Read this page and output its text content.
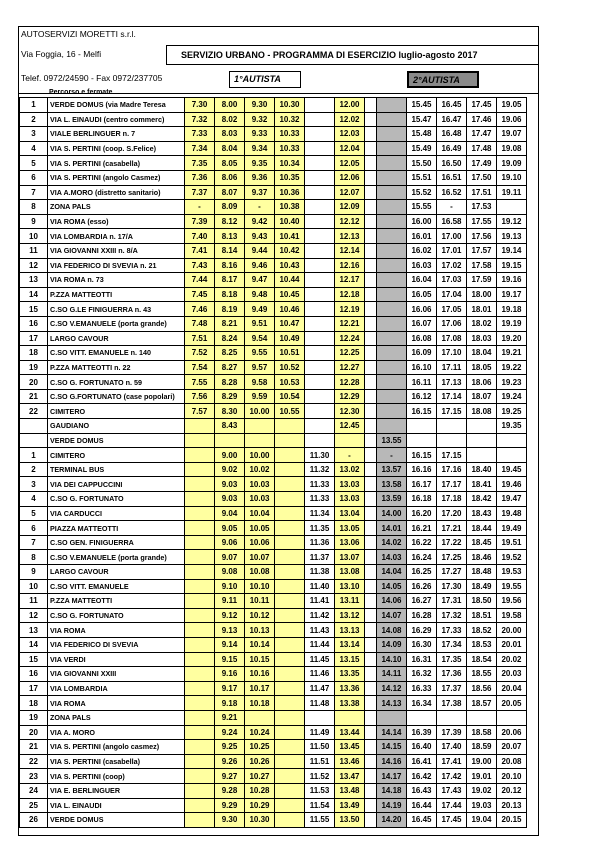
AUTOSERVIZI MORETTI s.r.l.
Via Foggia, 16 - Melfi
Telef. 0972/24590 - Fax 0972/237705
SERVIZIO URBANO - PROGRAMMA DI ESERCIZIO luglio-agosto 2017
1°AUTISTA	2°AUTISTA
Percorso e fermate
1	VERDE DOMUS (via Madre Teresa	7.30	8.00	9.30	10.30		12.00			15.45	16.45	17.45	19.05
2	VIA L. EINAUDI (centro commerc)	7.32	8.02	9.32	10.32		12.02			15.47	16.47	17.46	19.06
3	VIALE BERLINGUER n. 7	7.33	8.03	9.33	10.33		12.03			15.48	16.48	17.47	19.07
4	VIA S. PERTINI (coop. S.Felice)	7.34	8.04	9.34	10.33		12.04			15.49	16.49	17.48	19.08
5	VIA S. PERTINI (casabella)	7.35	8.05	9.35	10.34		12.05			15.50	16.50	17.49	19.09
6	VIA S. PERTINI (angolo Casmez)	7.36	8.06	9.36	10.35		12.06			15.51	16.51	17.50	19.10
7	VIA A.MORO (distretto sanitario)	7.37	8.07	9.37	10.36		12.07			15.52	16.52	17.51	19.11
8	ZONA PALS	-	8.09	-	10.38		12.09			15.55	-	17.53	
9	VIA ROMA (esso)	7.39	8.12	9.42	10.40		12.12			16.00	16.58	17.55	19.12
10	VIA LOMBARDIA n. 17/A	7.40	8.13	9.43	10.41		12.13			16.01	17.00	17.56	19.13
11	VIA GIOVANNI XXIII n. 8/A	7.41	8.14	9.44	10.42		12.14			16.02	17.01	17.57	19.14
12	VIA FEDERICO DI SVEVIA n. 21	7.43	8.16	9.46	10.43		12.16			16.03	17.02	17.58	19.15
13	VIA ROMA n. 73	7.44	8.17	9.47	10.44		12.17			16.04	17.03	17.59	19.16
14	P.ZZA MATTEOTTI	7.45	8.18	9.48	10.45		12.18			16.05	17.04	18.00	19.17
15	C.SO G.LE FINIGUERRA n. 43	7.46	8.19	9.49	10.46		12.19			16.06	17.05	18.01	19.18
16	C.SO V.EMANUELE (porta grande)	7.48	8.21	9.51	10.47		12.21			16.07	17.06	18.02	19.19
17	LARGO CAVOUR	7.51	8.24	9.54	10.49		12.24			16.08	17.08	18.03	19.20
18	C.SO VITT. EMANUELE n. 140	7.52	8.25	9.55	10.51		12.25			16.09	17.10	18.04	19.21
19	P.ZZA MATTEOTTI n. 22	7.54	8.27	9.57	10.52		12.27			16.10	17.11	18.05	19.22
20	C.SO G. FORTUNATO n. 59	7.55	8.28	9.58	10.53		12.28			16.11	17.13	18.06	19.23
21	C.SO G.FORTUNATO (case popolari)	7.56	8.29	9.59	10.54		12.29			16.12	17.14	18.07	19.24
22	CIMITERO	7.57	8.30	10.00	10.55		12.30			16.15	17.15	18.08	19.25
	GAUDIANO		8.43				12.45						19.35
	VERDE DOMUS								13.55				
1	CIMITERO		9.00	10.00		11.30	-		-	16.15	17.15		
2	TERMINAL BUS		9.02	10.02		11.32	13.02		13.57	16.16	17.16	18.40	19.45
3	VIA DEI CAPPUCCINI		9.03	10.03		11.33	13.03		13.58	16.17	17.17	18.41	19.46
4	C.SO G. FORTUNATO		9.03	10.03		11.33	13.03		13.59	16.18	17.18	18.42	19.47
5	VIA CARDUCCI		9.04	10.04		11.34	13.04		14.00	16.20	17.20	18.43	19.48
6	PIAZZA MATTEOTTI		9.05	10.05		11.35	13.05		14.01	16.21	17.21	18.44	19.49
7	C.SO GEN. FINIGUERRA		9.06	10.06		11.36	13.06		14.02	16.22	17.22	18.45	19.51
8	C.SO V.EMANUELE (porta grande)		9.07	10.07		11.37	13.07		14.03	16.24	17.25	18.46	19.52
9	LARGO CAVOUR		9.08	10.08		11.38	13.08		14.04	16.25	17.27	18.48	19.53
10	C.SO VITT. EMANUELE		9.10	10.10		11.40	13.10		14.05	16.26	17.30	18.49	19.55
11	P.ZZA MATTEOTTI		9.11	10.11		11.41	13.11		14.06	16.27	17.31	18.50	19.56
12	C.SO G. FORTUNATO		9.12	10.12		11.42	13.12		14.07	16.28	17.32	18.51	19.58
13	VIA ROMA		9.13	10.13		11.43	13.13		14.08	16.29	17.33	18.52	20.00
14	VIA FEDERICO DI SVEVIA		9.14	10.14		11.44	13.14		14.09	16.30	17.34	18.53	20.01
15	VIA VERDI		9.15	10.15		11.45	13.15		14.10	16.31	17.35	18.54	20.02
16	VIA GIOVANNI XXIII		9.16	10.16		11.46	13.35		14.11	16.32	17.36	18.55	20.03
17	VIA LOMBARDIA		9.17	10.17		11.47	13.36		14.12	16.33	17.37	18.56	20.04
18	VIA ROMA		9.18	10.18		11.48	13.38		14.13	16.34	17.38	18.57	20.05
19	ZONA PALS		9.21										
20	VIA A. MORO		9.24	10.24		11.49	13.44		14.14	16.39	17.39	18.58	20.06
21	VIA S. PERTINI (angolo casmez)		9.25	10.25		11.50	13.45		14.15	16.40	17.40	18.59	20.07
22	VIA S. PERTINI (casabella)		9.26	10.26		11.51	13.46		14.16	16.41	17.41	19.00	20.08
23	VIA S. PERTINI (coop)		9.27	10.27		11.52	13.47		14.17	16.42	17.42	19.01	20.10
24	VIA E. BERLINGUER		9.28	10.28		11.53	13.48		14.18	16.43	17.43	19.02	20.12
25	VIA L. EINAUDI		9.29	10.29		11.54	13.49		14.19	16.44	17.44	19.03	20.13
26	VERDE DOMUS		9.30	10.30		11.55	13.50		14.20	16.45	17.45	19.04	20.15
